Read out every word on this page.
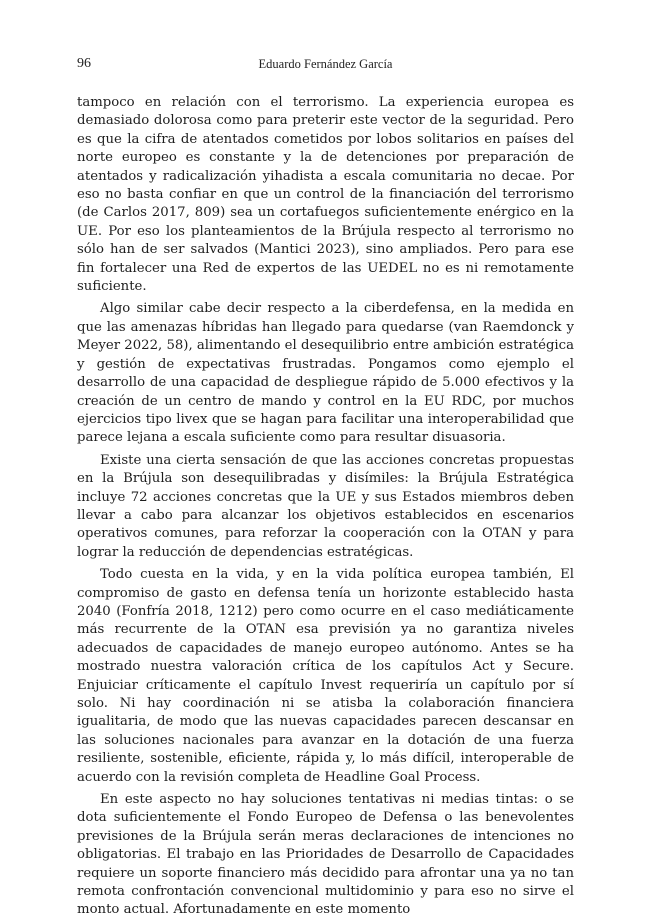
96	Eduardo Fernández García

tampoco en relación con el terrorismo. La experiencia europea es demasiado dolorosa como para preterir este vector de la seguridad. Pero es que la cifra de atentados cometidos por lobos solitarios en países del norte europeo es constante y la de detenciones por preparación de atentados y radicalización yihadista a escala comunitaria no decae. Por eso no basta confiar en que un control de la financiación del terrorismo (de Carlos 2017, 809) sea un cortafuegos suficientemente enérgico en la UE. Por eso los planteamientos de la Brújula respecto al terrorismo no sólo han de ser salvados (Mantici 2023), sino ampliados. Pero para ese fin fortalecer una Red de expertos de las UEDEL no es ni remotamente suficiente.

Algo similar cabe decir respecto a la ciberdefensa, en la medida en que las amenazas híbridas han llegado para quedarse (van Raemdonck y Meyer 2022, 58), alimentando el desequilibrio entre ambición estratégica y gestión de expectativas frustradas. Pongamos como ejemplo el desarrollo de una capacidad de despliegue rápido de 5.000 efectivos y la creación de un centro de mando y control en la EU RDC, por muchos ejercicios tipo livex que se hagan para facilitar una interoperabilidad que parece lejana a escala suficiente como para resultar disuasoria.

Existe una cierta sensación de que las acciones concretas propuestas en la Brújula son desequilibradas y disímiles: la Brújula Estratégica incluye 72 acciones concretas que la UE y sus Estados miembros deben llevar a cabo para alcanzar los objetivos establecidos en escenarios operativos comunes, para reforzar la cooperación con la OTAN y para lograr la reducción de dependencias estratégicas.

Todo cuesta en la vida, y en la vida política europea también, El compromiso de gasto en defensa tenía un horizonte establecido hasta 2040 (Fonfría 2018, 1212) pero como ocurre en el caso mediáticamente más recurrente de la OTAN esa previsión ya no garantiza niveles adecuados de capacidades de manejo europeo autónomo. Antes se ha mostrado nuestra valoración crítica de los capítulos Act y Secure. Enjuiciar críticamente el capítulo Invest requeriría un capítulo por sí solo. Ni hay coordinación ni se atisba la colaboración financiera igualitaria, de modo que las nuevas capacidades parecen descansar en las soluciones nacionales para avanzar en la dotación de una fuerza resiliente, sostenible, eficiente, rápida y, lo más difícil, interoperable de acuerdo con la revisión completa de Headline Goal Process.

En este aspecto no hay soluciones tentativas ni medias tintas: o se dota suficientemente el Fondo Europeo de Defensa o las benevolentes previsiones de la Brújula serán meras declaraciones de intenciones no obligatorias. El trabajo en las Prioridades de Desarrollo de Capacidades requiere un soporte financiero más decidido para afrontar una ya no tan remota confrontación convencional multidominio y para eso no sirve el monto actual. Afortunadamente en este momento
